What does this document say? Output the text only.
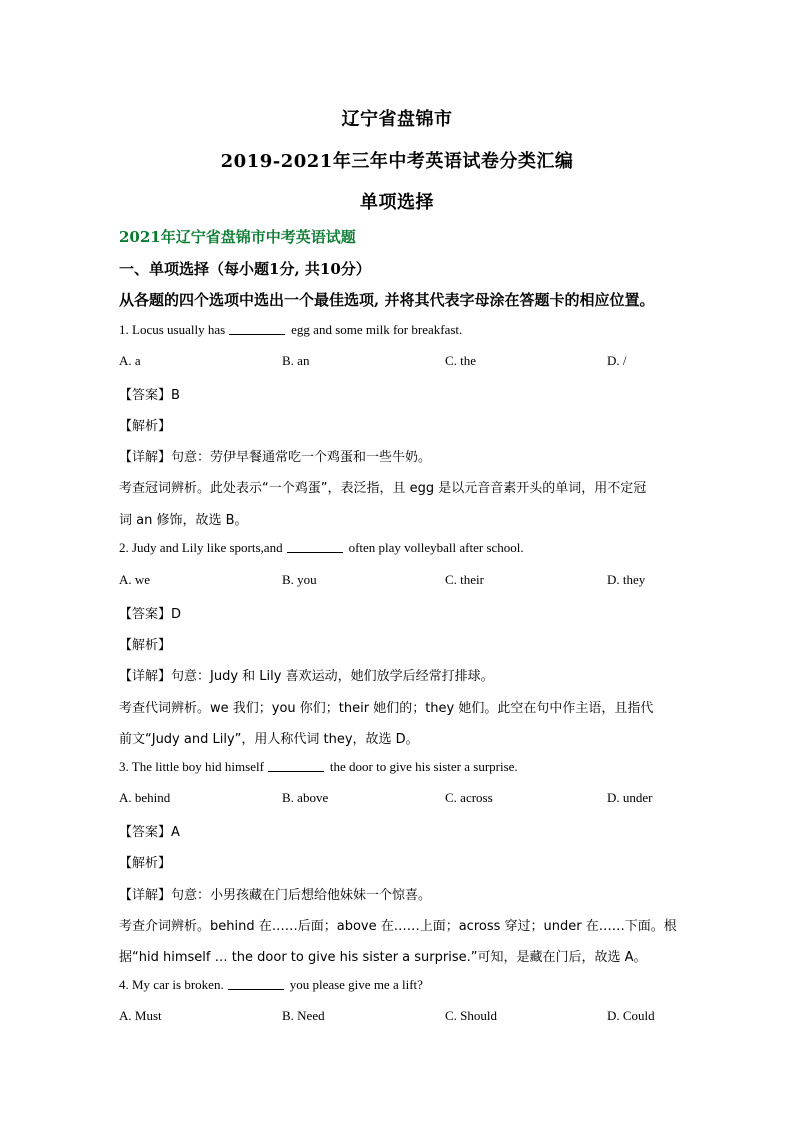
辽宁省盘锦市
2019-2021年三年中考英语试卷分类汇编
单项选择
2021年辽宁省盘锦市中考英语试题
一、单项选择（每小题1分, 共10分）
从各题的四个选项中选出一个最佳选项, 并将其代表字母涂在答题卡的相应位置。
1. Locus usually has	egg and some milk for breakfast.
A. a	B. an	C. the	D. /
【答案】B
【解析】
【详解】句意：劳伊早餐通常吃一个鸡蛋和一些牛奶。
考查冠词辨析。此处表示“一个鸡蛋”，表泛指，且 egg 是以元音音素开头的单词，用不定冠
词 an 修饰，故选 B。
2. Judy and Lily like sports,and	often play volleyball after school.
A. we	B. you	C. their	D. they
【答案】D
【解析】
【详解】句意：Judy 和 Lily 喜欢运动，她们放学后经常打排球。
考查代词辨析。we 我们；you 你们；their 她们的；they 她们。此空在句中作主语，且指代
前文“Judy and Lily”，用人称代词 they，故选 D。
3. The little boy hid himself	the door to give his sister a surprise.
A. behind	B. above	C. across	D. under
【答案】A
【解析】
【详解】句意：小男孩藏在门后想给他妹妹一个惊喜。
考查介词辨析。behind 在……后面；above 在……上面；across 穿过；under 在……下面。根
据“hid himself … the door to give his sister a surprise.”可知，是藏在门后，故选 A。
4. My car is broken.	you please give me a lift?
A. Must	B. Need	C. Should	D. Could
